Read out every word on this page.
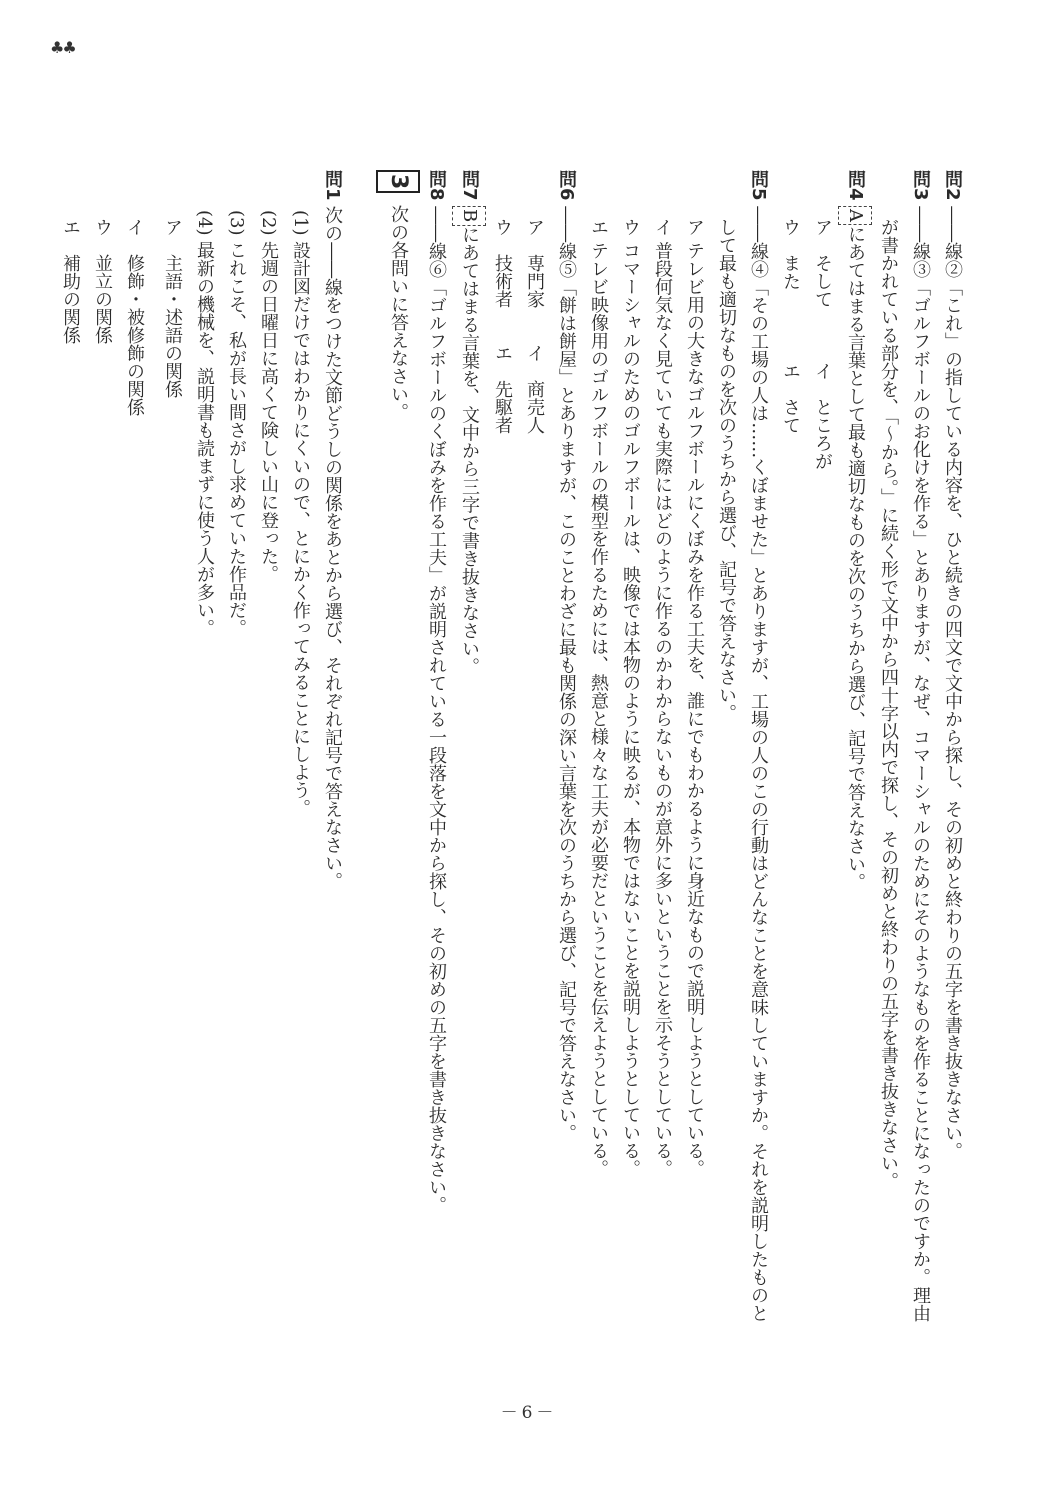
♣♣
問2 ――線②「これ」の指している内容を、ひと続きの四文で文中から探し、その初めと終わりの五字を書き抜きなさい。
問3 ――線③「ゴルフボールのお化けを作る」とありますが、なぜ、コマーシャルのためにそのようなものを作ることになったのですか。理由
が書かれている部分を、「～から。」に続く形で文中から四十字以内で探し、その初めと終わりの五字を書き抜きなさい。
問4 Aにあてはまる言葉として最も適切なものを次のうちから選び、記号で答えなさい。
ア　そして　　　イ　ところが
ウ　また　　　　エ　さて
問5 ――線④「その工場の人は……くぼませた」とありますが、工場の人のこの行動はどんなことを意味していますか。それを説明したものと
して最も適切なものを次のうちから選び、記号で答えなさい。
ア テレビ用の大きなゴルフボールにくぼみを作る工夫を、誰にでもわかるように身近なもので説明しようとしている。
イ 普段何気なく見ていても実際にはどのように作るのかわからないものが意外に多いということを示そうとしている。
ウ コマーシャルのためのゴルフボールは、映像では本物のように映るが、本物ではないことを説明しようとしている。
エ テレビ映像用のゴルフボールの模型を作るためには、熱意と様々な工夫が必要だということを伝えようとしている。
問6 ――線⑤「餅は餅屋」とありますが、このことわざに最も関係の深い言葉を次のうちから選び、記号で答えなさい。
ア　専門家　　イ　商売人
ウ　技術者　　エ　先駆者
問7 Bにあてはまる言葉を、文中から三字で書き抜きなさい。
問8 ――線⑥「ゴルフボールのくぼみを作る工夫」が説明されている一段落を文中から探し、その初めの五字を書き抜きなさい。
3 次の各問いに答えなさい。
問1 次の――線をつけた文節どうしの関係をあとから選び、それぞれ記号で答えなさい。
(1) 設計図だけではわかりにくいので、とにかく作ってみることにしよう。
(2) 先週の日曜日に高くて険しい山に登った。
(3) これこそ、私が長い間さがし求めていた作品だ。
(4) 最新の機械を、説明書も読まずに使う人が多い。
ア　主語・述語の関係
イ　修飾・被修飾の関係
ウ　並立の関係
エ　補助の関係
－6－
